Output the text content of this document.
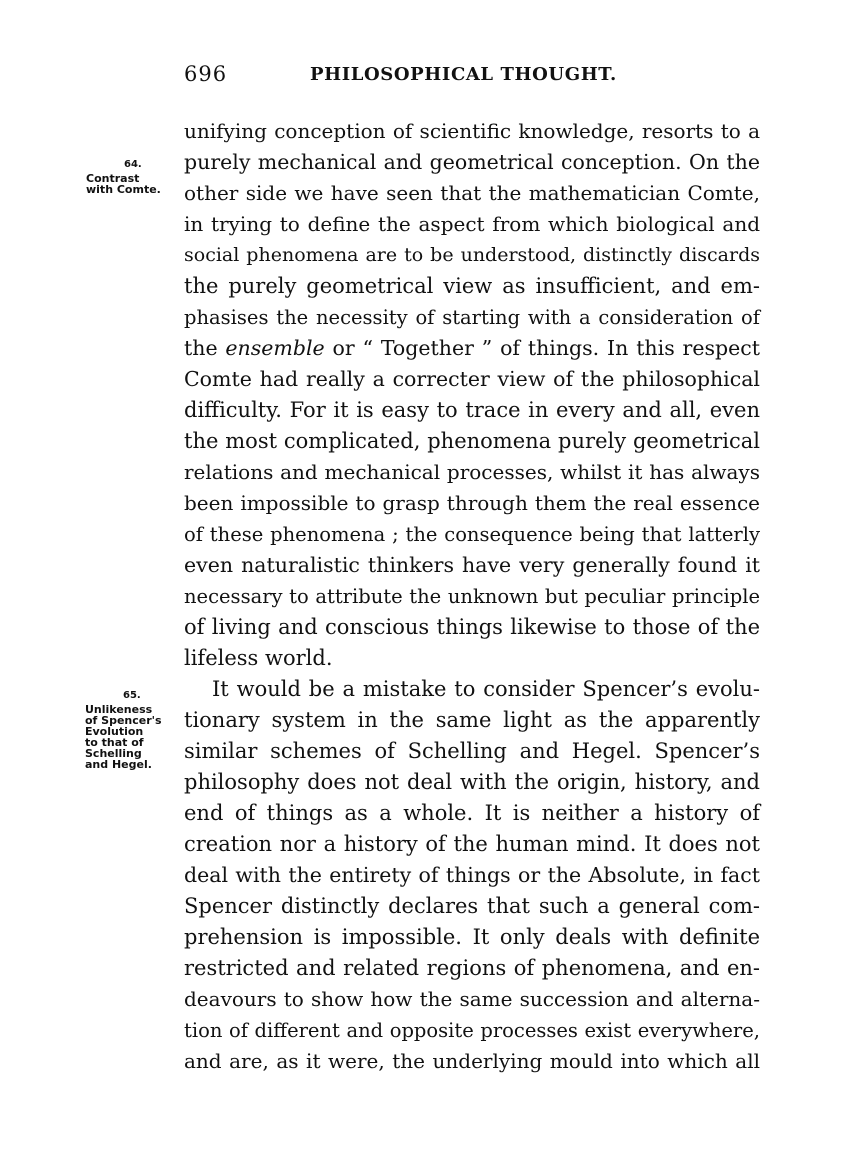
696	PHILOSOPHICAL THOUGHT.
64.
Contrast
with Comte.
65.
Unlikeness
of Spencer's
Evolution
to that of
Schelling
and Hegel.
unifying conception of scientific knowledge, resorts to a
purely mechanical and geometrical conception. On the
other side we have seen that the mathematician Comte,
in trying to define the aspect from which biological and
social phenomena are to be understood, distinctly discards
the purely geometrical view as insufficient, and em-
phasises the necessity of starting with a consideration of
the ensemble or “ Together ” of things. In this respect
Comte had really a correcter view of the philosophical
difficulty. For it is easy to trace in every and all, even
the most complicated, phenomena purely geometrical
relations and mechanical processes, whilst it has always
been impossible to grasp through them the real essence
of these phenomena ; the consequence being that latterly
even naturalistic thinkers have very generally found it
necessary to attribute the unknown but peculiar principle
of living and conscious things likewise to those of the
lifeless world.
It would be a mistake to consider Spencer’s evolu-
tionary system in the same light as the apparently
similar schemes of Schelling and Hegel. Spencer’s
philosophy does not deal with the origin, history, and
end of things as a whole. It is neither a history of
creation nor a history of the human mind. It does not
deal with the entirety of things or the Absolute, in fact
Spencer distinctly declares that such a general com-
prehension is impossible. It only deals with definite
restricted and related regions of phenomena, and en-
deavours to show how the same succession and alterna-
tion of different and opposite processes exist everywhere,
and are, as it were, the underlying mould into which all
